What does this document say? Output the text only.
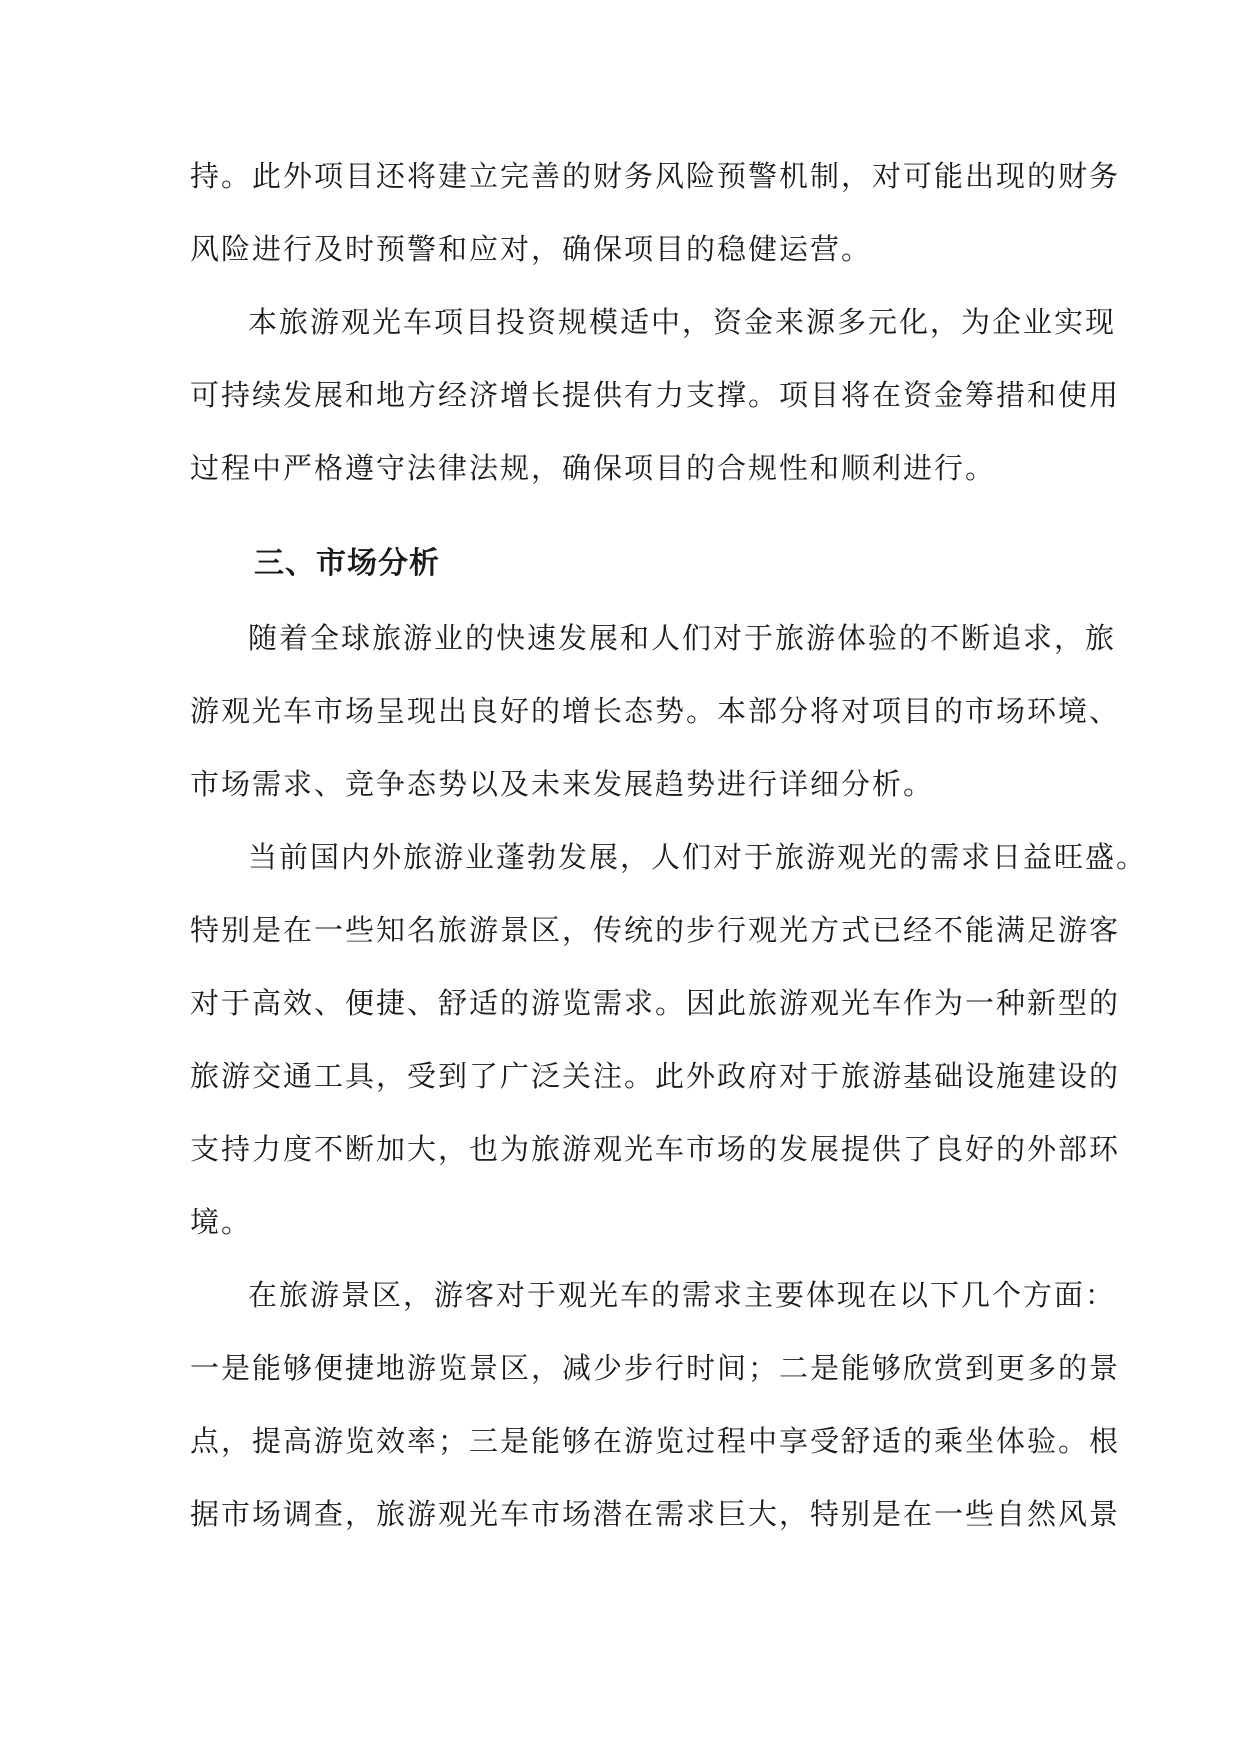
持。此外项目还将建立完善的财务风险预警机制，对可能出现的财务
风险进行及时预警和应对，确保项目的稳健运营。
本旅游观光车项目投资规模适中，资金来源多元化，为企业实现
可持续发展和地方经济增长提供有力支撑。项目将在资金筹措和使用
过程中严格遵守法律法规，确保项目的合规性和顺利进行。
三、市场分析
随着全球旅游业的快速发展和人们对于旅游体验的不断追求，旅
游观光车市场呈现出良好的增长态势。本部分将对项目的市场环境、
市场需求、竞争态势以及未来发展趋势进行详细分析。
当前国内外旅游业蓬勃发展，人们对于旅游观光的需求日益旺盛。
特别是在一些知名旅游景区，传统的步行观光方式已经不能满足游客
对于高效、便捷、舒适的游览需求。因此旅游观光车作为一种新型的
旅游交通工具，受到了广泛关注。此外政府对于旅游基础设施建设的
支持力度不断加大，也为旅游观光车市场的发展提供了良好的外部环
境。
在旅游景区，游客对于观光车的需求主要体现在以下几个方面：
一是能够便捷地游览景区，减少步行时间；二是能够欣赏到更多的景
点，提高游览效率；三是能够在游览过程中享受舒适的乘坐体验。根
据市场调查，旅游观光车市场潜在需求巨大，特别是在一些自然风景
